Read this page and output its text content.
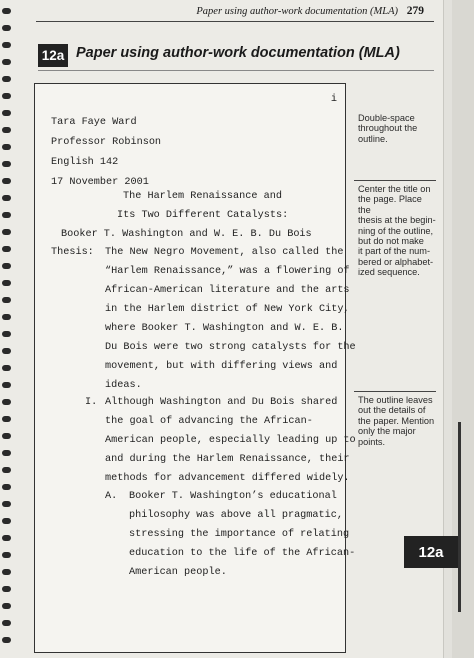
Paper using author-work documentation (MLA) 279
12a Paper using author-work documentation (MLA)
i
Tara Faye Ward
Professor Robinson
English 142
17 November 2001
The Harlem Renaissance and
Its Two Different Catalysts:
Booker T. Washington and W. E. B. Du Bois
Thesis: The New Negro Movement, also called the
“Harlem Renaissance,” was a flowering of
African-American literature and the arts
in the Harlem district of New York City,
where Booker T. Washington and W. E. B.
Du Bois were two strong catalysts for the
movement, but with differing views and
ideas.
I. Although Washington and Du Bois shared
the goal of advancing the African-
American people, especially leading up to
and during the Harlem Renaissance, their
methods for advancement differed widely.
A. Booker T. Washington’s educational
philosophy was above all pragmatic,
stressing the importance of relating
education to the life of the African-
American people.
Double-space
throughout the
outline.
Center the title on
the page. Place the
thesis at the begin-
ning of the outline,
but do not make
it part of the num-
bered or alphabet-
ized sequence.
The outline leaves
out the details of
the paper. Mention
only the major
points.
12a
